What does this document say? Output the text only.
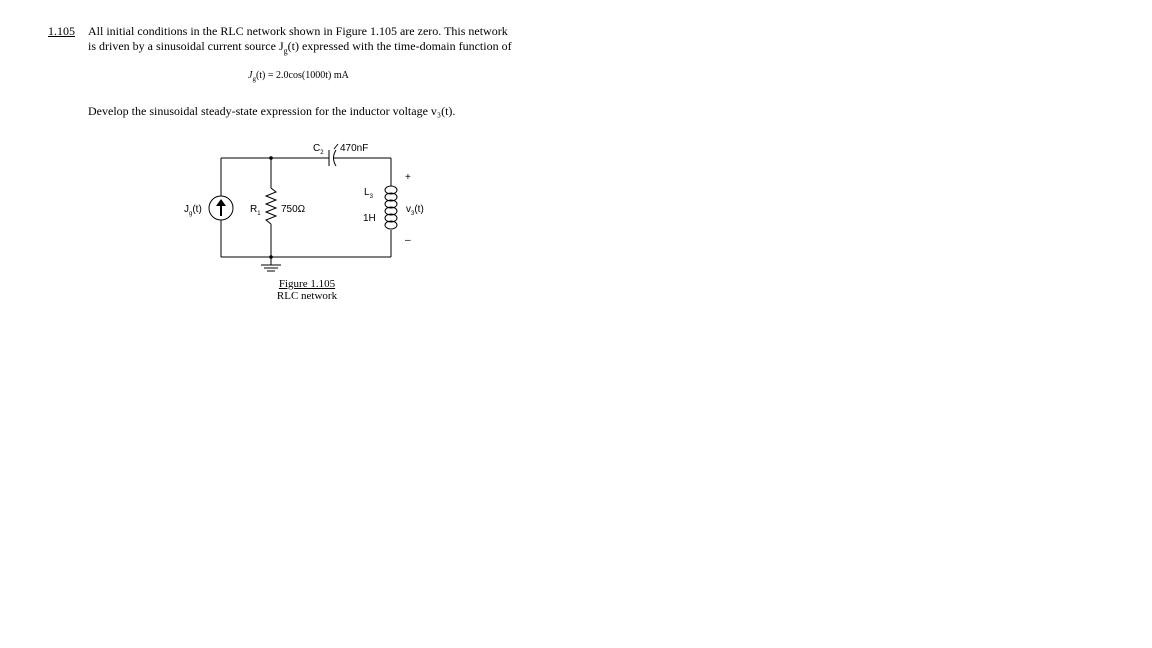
1.105 All initial conditions in the RLC network shown in Figure 1.105 are zero. This network
is driven by a sinusoidal current source $J_g(t)$ expressed with the time-domain function of
$J_g(t) = 2.0\cos(1000t)$ mA
Develop the sinusoidal steady-state expression for the inductor voltage v₃(t).
$J_g(t)$	$R_1$ 750Ω
$C_2$ 470nF
$L_3$
1H
+
$v_3(t)$
–
Figure 1.105
RLC network
